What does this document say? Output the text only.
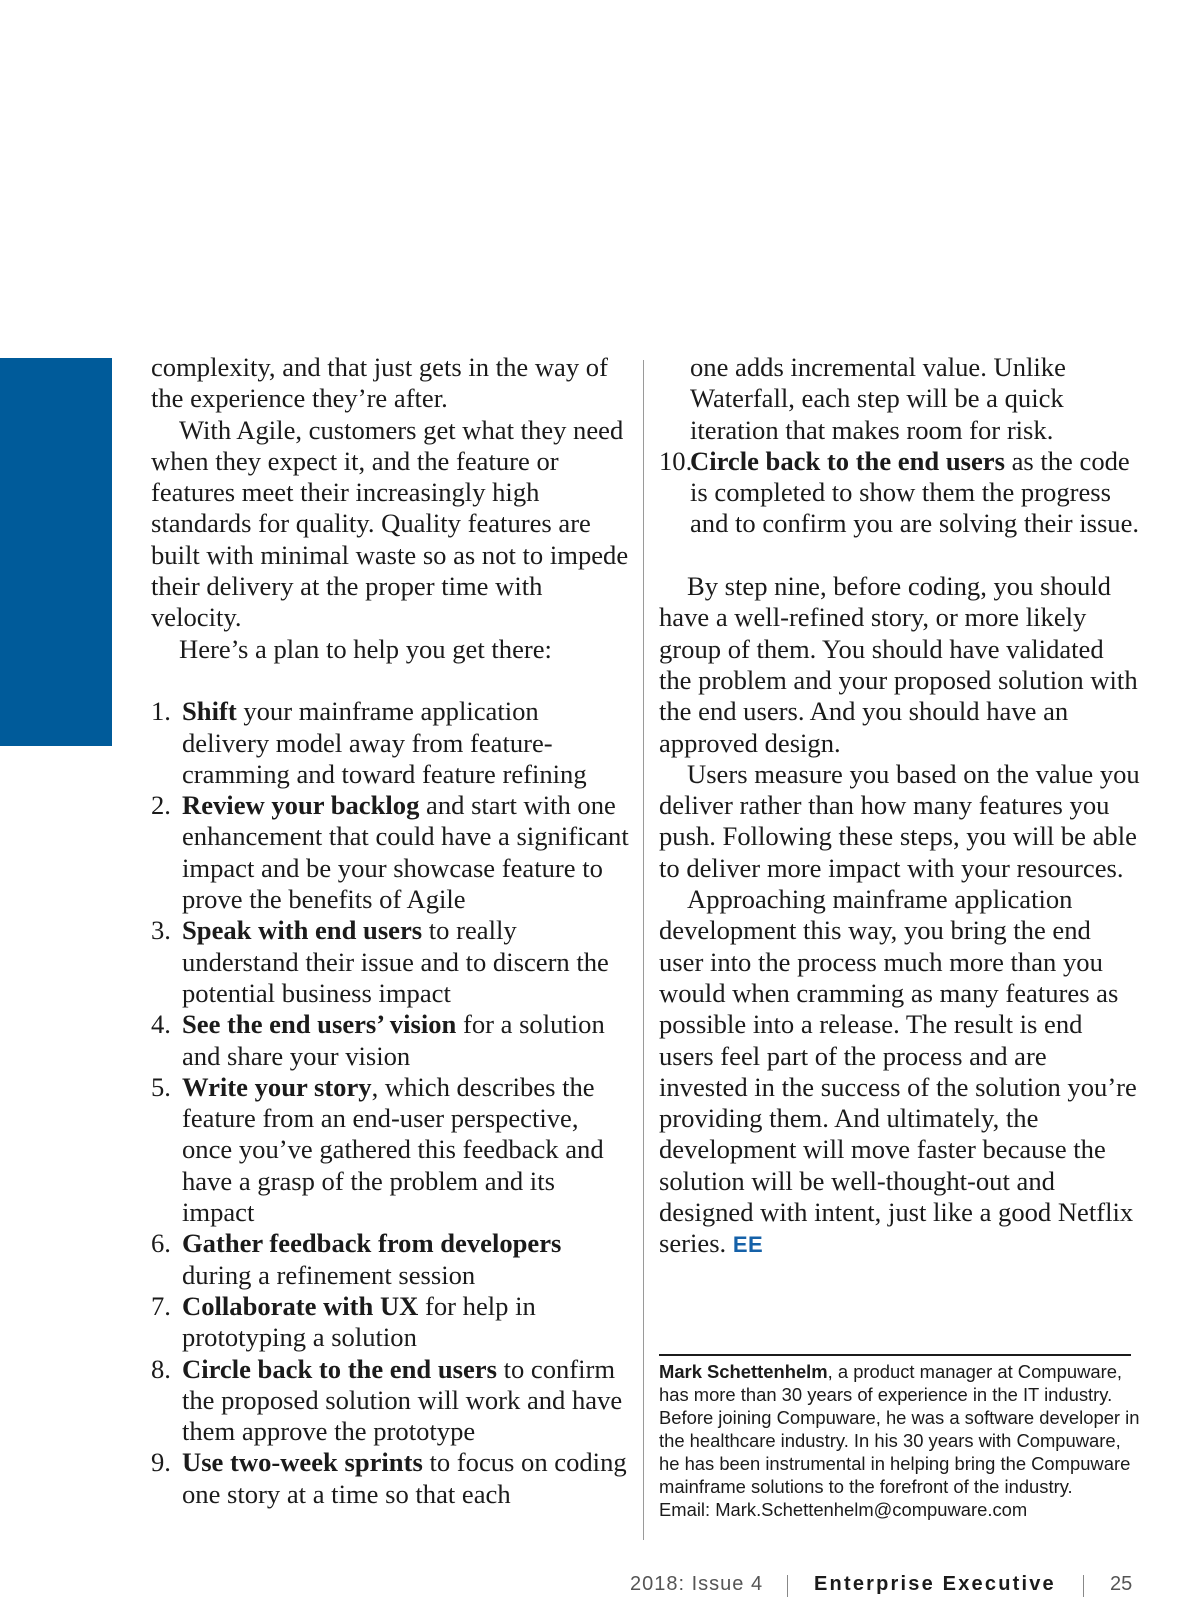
complexity, and that just gets in the way of the experience they’re after.

With Agile, customers get what they need when they expect it, and the feature or features meet their increasingly high standards for quality. Quality features are built with minimal waste so as not to impede their delivery at the proper time with velocity.

Here’s a plan to help you get there:

1. Shift your mainframe application delivery model away from feature-cramming and toward feature refining
2. Review your backlog and start with one enhancement that could have a significant impact and be your showcase feature to prove the benefits of Agile
3. Speak with end users to really understand their issue and to discern the potential business impact
4. See the end users’ vision for a solution and share your vision
5. Write your story, which describes the feature from an end-user perspective, once you’ve gathered this feedback and have a grasp of the problem and its impact
6. Gather feedback from developers during a refinement session
7. Collaborate with UX for help in prototyping a solution
8. Circle back to the end users to confirm the proposed solution will work and have them approve the prototype
9. Use two-week sprints to focus on coding one story at a time so that each

one adds incremental value. Unlike Waterfall, each step will be a quick iteration that makes room for risk.

10.
Circle back to the end users as the code is completed to show them the progress and to confirm you are solving their issue.

By step nine, before coding, you should have a well-refined story, or more likely group of them. You should have validated the problem and your proposed solution with the end users. And you should have an approved design.

Users measure you based on the value you deliver rather than how many features you push. Following these steps, you will be able to deliver more impact with your resources.

Approaching mainframe application development this way, you bring the end user into the process much more than you would when cramming as many features as possible into a release. The result is end users feel part of the process and are invested in the success of the solution you’re providing them. And ultimately, the development will move faster because the solution will be well-thought-out and designed with intent, just like a good Netflix series. EE

Mark Schettenhelm, a product manager at Compuware, has more than 30 years of experience in the IT industry. Before joining Compuware, he was a software developer in the healthcare industry. In his 30 years with Compuware, he has been instrumental in helping bring the Compuware mainframe solutions to the forefront of the industry.
Email: Mark.Schettenhelm@compuware.com
2018: Issue 4	Enterprise Executive	25
